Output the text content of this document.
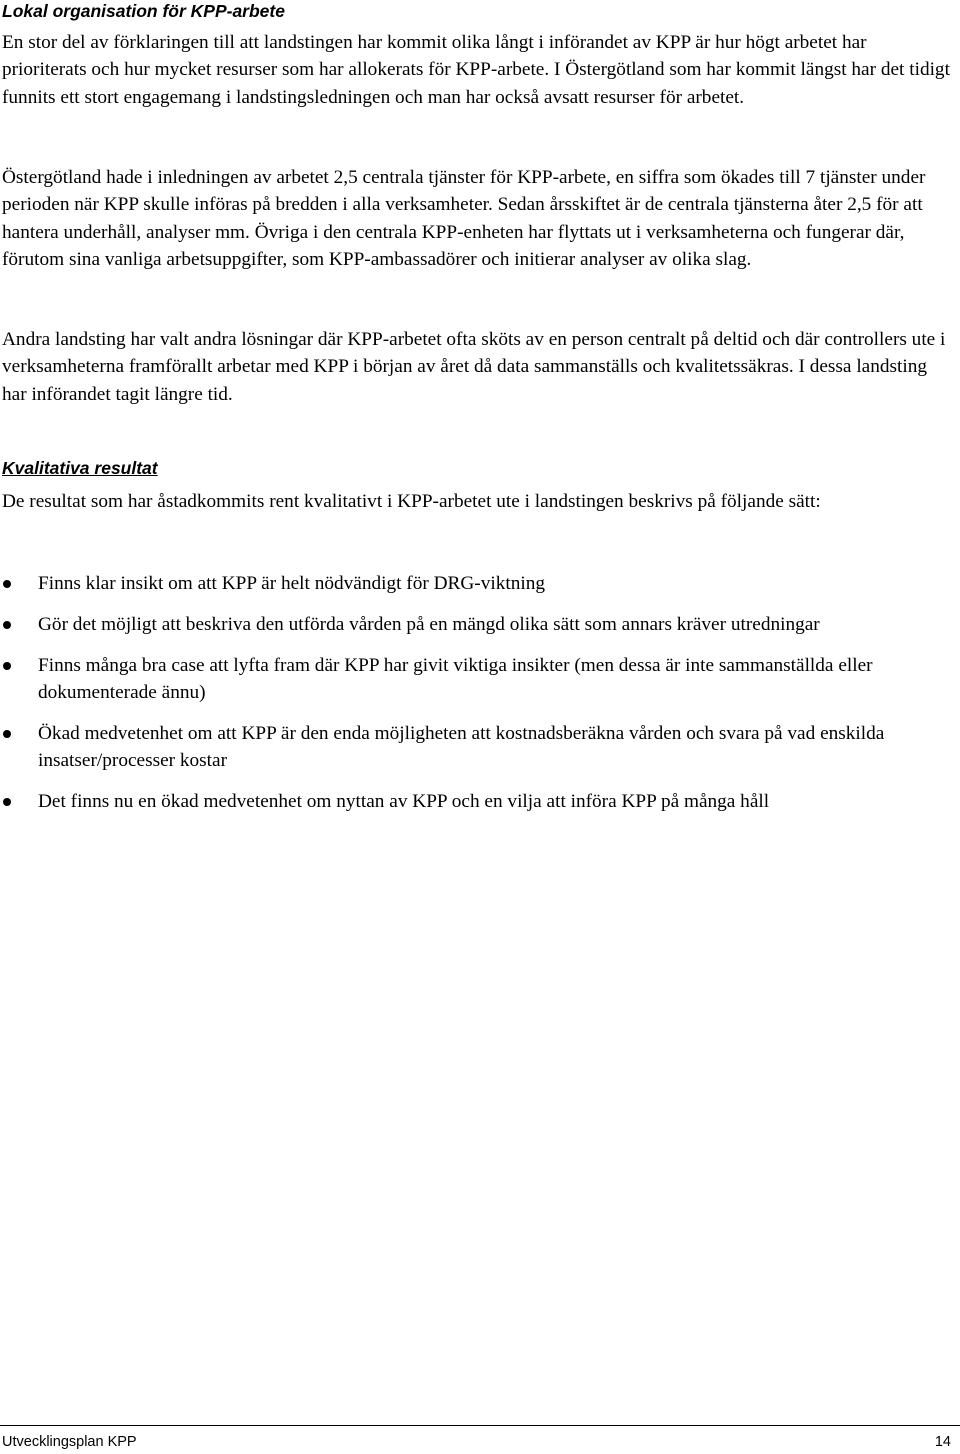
Lokal organisation för KPP-arbete

En stor del av förklaringen till att landstingen har kommit olika långt i införandet av KPP är hur högt arbetet har prioriterats och hur mycket resurser som har allokerats för KPP-arbete. I Östergötland som har kommit längst har det tidigt funnits ett stort engagemang i landstingsledningen och man har också avsatt resurser för arbetet.

Östergötland hade i inledningen av arbetet 2,5 centrala tjänster för KPP-arbete, en siffra som ökades till 7 tjänster under perioden när KPP skulle införas på bredden i alla verksamheter. Sedan årsskiftet är de centrala tjänsterna åter 2,5 för att hantera underhåll, analyser mm. Övriga i den centrala KPP-enheten har flyttats ut i verksamheterna och fungerar där, förutom sina vanliga arbetsuppgifter, som KPP-ambassadörer och initierar analyser av olika slag.

Andra landsting har valt andra lösningar där KPP-arbetet ofta sköts av en person centralt på deltid och där controllers ute i verksamheterna framförallt arbetar med KPP i början av året då data sammanställs och kvalitetssäkras. I dessa landsting har införandet tagit längre tid.

Kvalitativa resultat

De resultat som har åstadkommits rent kvalitativt i KPP-arbetet ute i landstingen beskrivs på följande sätt:

Finns klar insikt om att KPP är helt nödvändigt för DRG-viktning
Gör det möjligt att beskriva den utförda vården på en mängd olika sätt som annars kräver utredningar
Finns många bra case att lyfta fram där KPP har givit viktiga insikter (men dessa är inte sammanställda eller dokumenterade ännu)
Ökad medvetenhet om att KPP är den enda möjligheten att kostnadsberäkna vården och svara på vad enskilda insatser/processer kostar
Det finns nu en ökad medvetenhet om nyttan av KPP och en vilja att införa KPP på många håll

Utvecklingsplan KPP	14
